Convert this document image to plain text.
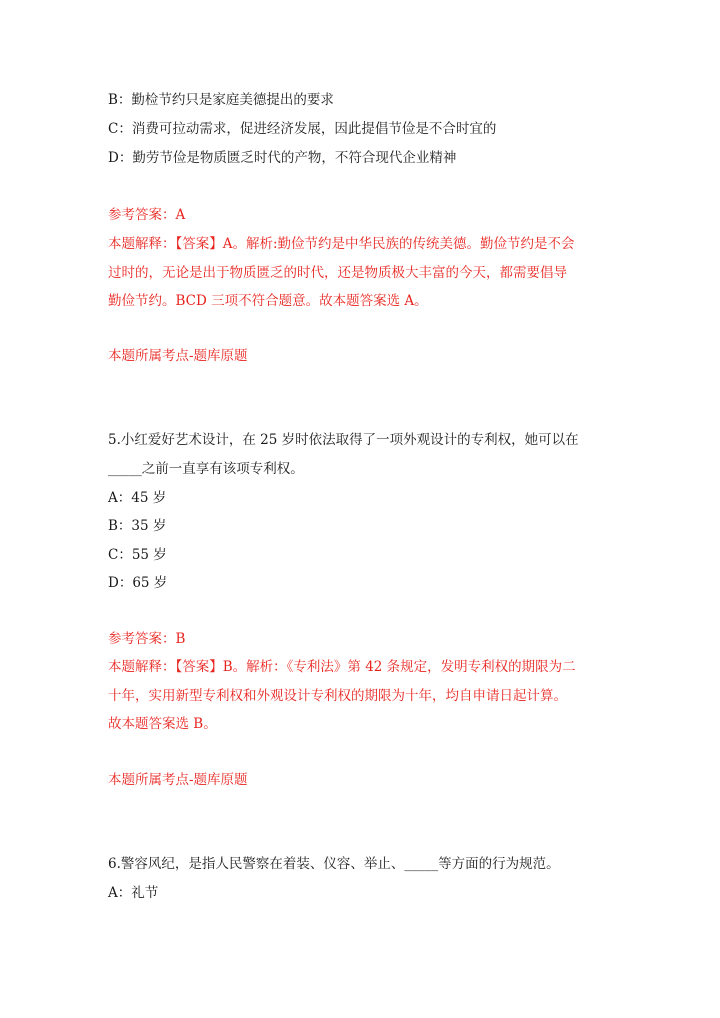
B：勤检节约只是家庭美德提出的要求
C：消费可拉动需求，促进经济发展，因此提倡节俭是不合时宜的
D：勤劳节俭是物质匮乏时代的产物，不符合现代企业精神
参考答案：A
本题解释：【答案】A。解析:勤俭节约是中华民族的传统美德。勤俭节约是不会
过时的，无论是出于物质匮乏的时代，还是物质极大丰富的今天，都需要倡导
勤俭节约。BCD 三项不符合题意。故本题答案选 A。
本题所属考点-题库原题
5.小红爱好艺术设计，在 25 岁时依法取得了一项外观设计的专利权，她可以在
_____之前一直享有该项专利权。
A：45 岁
B：35 岁
C：55 岁
D：65 岁
参考答案：B
本题解释：【答案】B。解析：《专利法》第 42 条规定，发明专利权的期限为二
十年，实用新型专利权和外观设计专利权的期限为十年，均自申请日起计算。
故本题答案选 B。
本题所属考点-题库原题
6.警容风纪，是指人民警察在着装、仪容、举止、_____等方面的行为规范。
A：礼节
